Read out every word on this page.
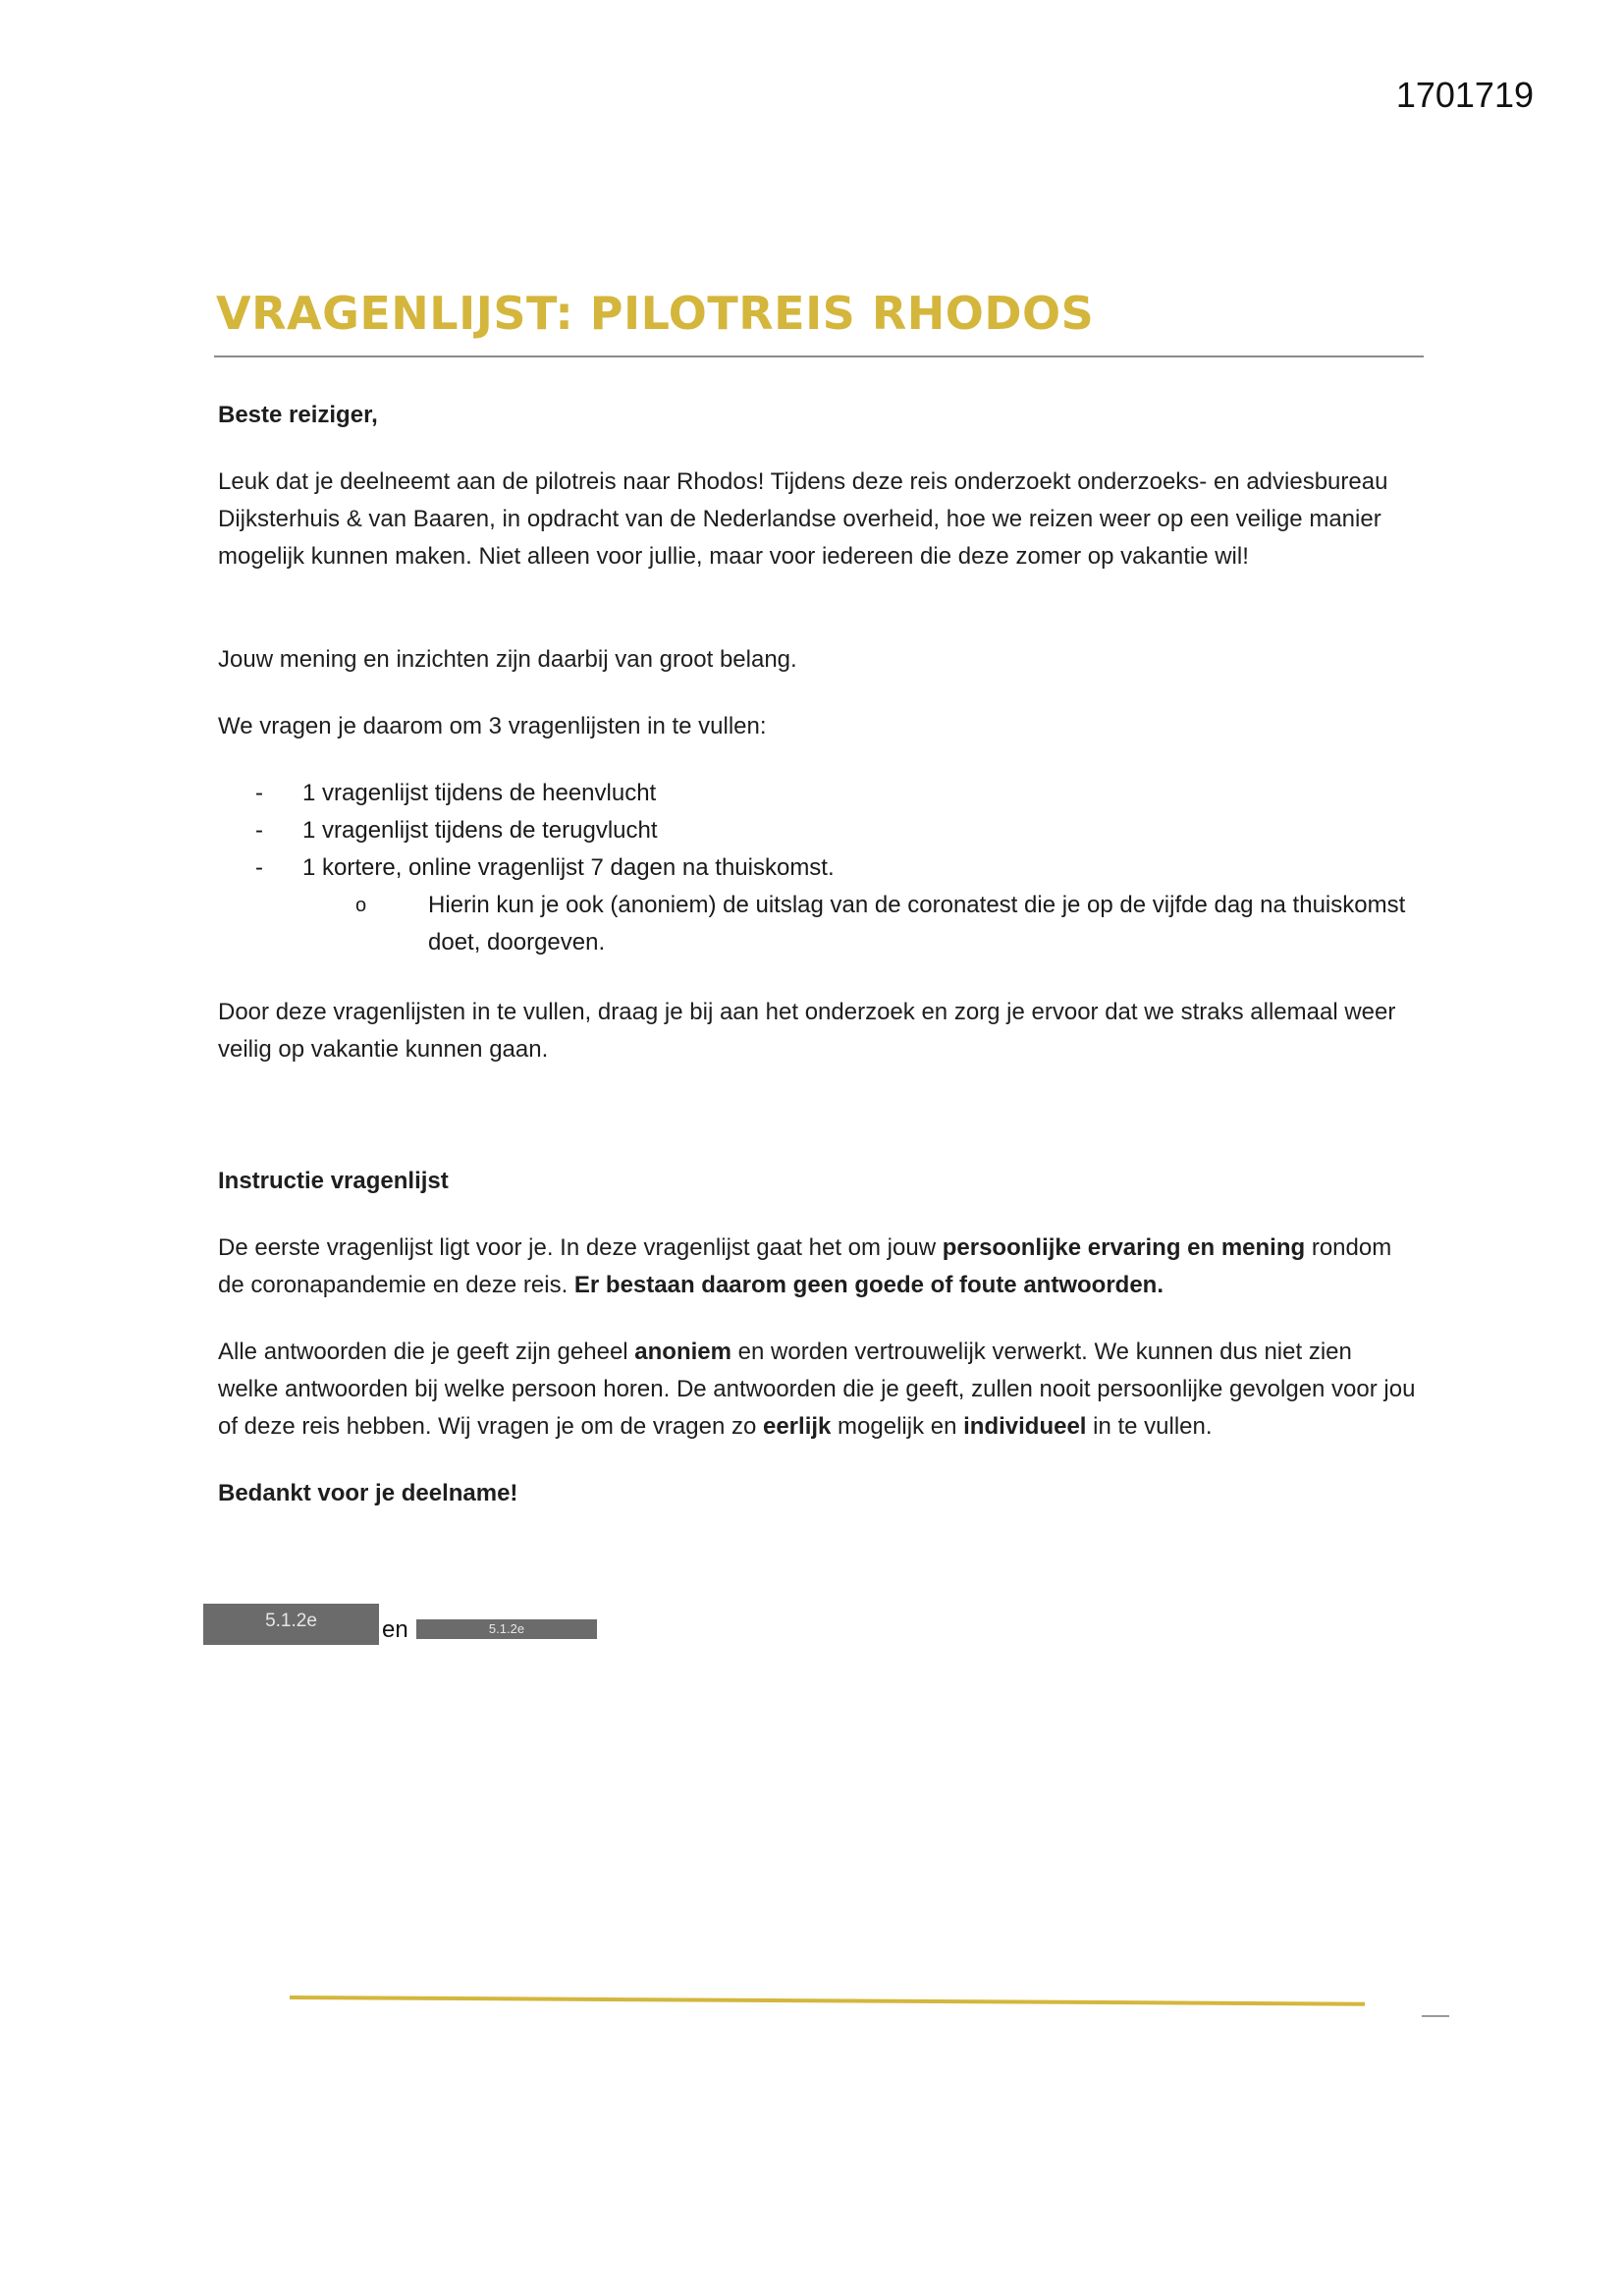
1701719
VRAGENLIJST: PILOTREIS RHODOS
Beste reiziger,
Leuk dat je deelneemt aan de pilotreis naar Rhodos! Tijdens deze reis onderzoekt onderzoeks- en adviesbureau Dijksterhuis & van Baaren, in opdracht van de Nederlandse overheid, hoe we reizen weer op een veilige manier mogelijk kunnen maken. Niet alleen voor jullie, maar voor iedereen die deze zomer op vakantie wil!
Jouw mening en inzichten zijn daarbij van groot belang.
We vragen je daarom om 3 vragenlijsten in te vullen:
- 1 vragenlijst tijdens de heenvlucht
- 1 vragenlijst tijdens de terugvlucht
- 1 kortere, online vragenlijst 7 dagen na thuiskomst.
o	Hierin kun je ook (anoniem) de uitslag van de coronatest die je op de vijfde dag na thuiskomst doet, doorgeven.
Door deze vragenlijsten in te vullen, draag je bij aan het onderzoek en zorg je ervoor dat we straks allemaal weer veilig op vakantie kunnen gaan.
Instructie vragenlijst
De eerste vragenlijst ligt voor je. In deze vragenlijst gaat het om jouw persoonlijke ervaring en mening rondom de coronapandemie en deze reis. Er bestaan daarom geen goede of foute antwoorden.
Alle antwoorden die je geeft zijn geheel anoniem en worden vertrouwelijk verwerkt. We kunnen dus niet zien welke antwoorden bij welke persoon horen. De antwoorden die je geeft, zullen nooit persoonlijke gevolgen voor jou of deze reis hebben. Wij vragen je om de vragen zo eerlijk mogelijk en individueel in te vullen.
Bedankt voor je deelname!
5.1.2e	en	5.1.2e
